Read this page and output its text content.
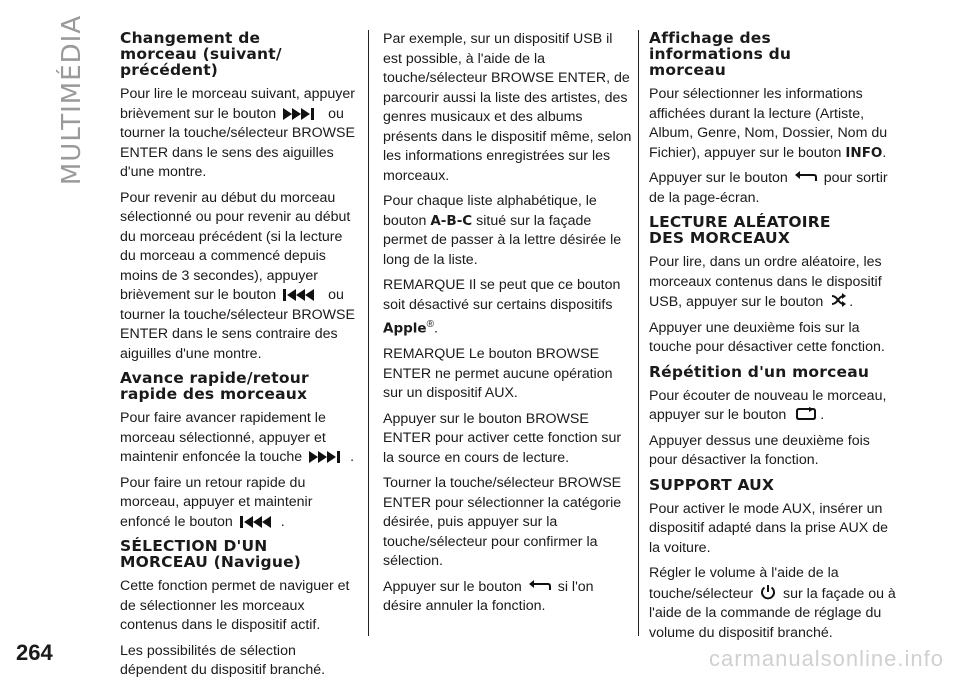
MULTIMÉDIA Changement de
morceau (suivant/
précédent)

Pour lire le morceau suivant, appuyer brièvement sur le bouton	ou tourner la touche/sélecteur BROWSE ENTER dans le sens des aiguilles d'une montre.

Pour revenir au début du morceau sélectionné ou pour revenir au début du morceau précédent (si la lecture du morceau a commencé depuis moins de 3 secondes), appuyer brièvement sur le bouton	ou tourner la touche/sélecteur BROWSE ENTER dans le sens contraire des aiguilles d'une montre.

Avance rapide/retour
rapide des morceaux

Pour faire avancer rapidement le morceau sélectionné, appuyer et maintenir enfoncée la touche	.

Pour faire un retour rapide du morceau, appuyer et maintenir enfoncé le bouton	.

SÉLECTION D'UN
MORCEAU (Navigue)

Cette fonction permet de naviguer et de sélectionner les morceaux contenus dans le dispositif actif.

Les possibilités de sélection dépendent du dispositif branché.

Par exemple, sur un dispositif USB il est possible, à l'aide de la touche/sélecteur BROWSE ENTER, de parcourir aussi la liste des artistes, des genres musicaux et des albums présents dans le dispositif même, selon les informations enregistrées sur les morceaux.

Pour chaque liste alphabétique, le bouton A-B-C situé sur la façade permet de passer à la lettre désirée le long de la liste.

REMARQUE Il se peut que ce bouton soit désactivé sur certains dispositifs Apple®.

REMARQUE Le bouton BROWSE ENTER ne permet aucune opération sur un dispositif AUX.

Appuyer sur le bouton BROWSE ENTER pour activer cette fonction sur la source en cours de lecture.

Tourner la touche/sélecteur BROWSE ENTER pour sélectionner la catégorie désirée, puis appuyer sur la touche/sélecteur pour confirmer la sélection.

Appuyer sur le bouton	si l'on désire annuler la fonction.

Affichage des
informations du
morceau

Pour sélectionner les informations affichées durant la lecture (Artiste, Album, Genre, Nom, Dossier, Nom du Fichier), appuyer sur le bouton INFO.

Appuyer sur le bouton	pour sortir de la page-écran.

LECTURE ALÉATOIRE
DES MORCEAUX

Pour lire, dans un ordre aléatoire, les morceaux contenus dans le dispositif USB, appuyer sur le bouton .

Appuyer une deuxième fois sur la touche pour désactiver cette fonction.

Répétition d'un morceau

Pour écouter de nouveau le morceau, appuyer sur le bouton .

Appuyer dessus une deuxième fois pour désactiver la fonction.

SUPPORT AUX

Pour activer le mode AUX, insérer un dispositif adapté dans la prise AUX de la voiture.

Régler le volume à l'aide de la touche/sélecteur sur la façade ou à l'aide de la commande de réglage du volume du dispositif branché.

264	carmanualsonline.info
